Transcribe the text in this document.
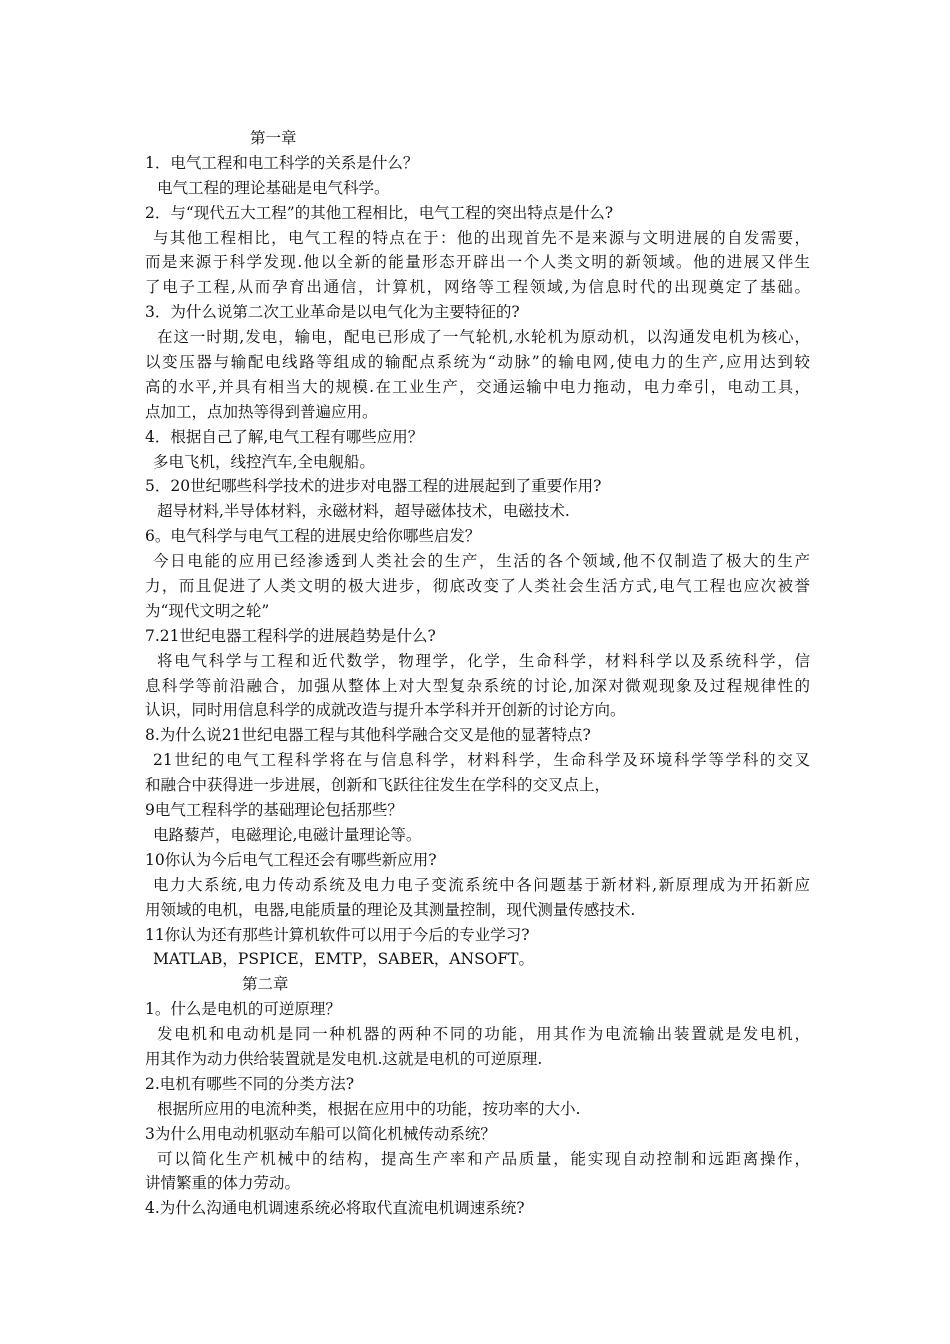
第一章
1．电气工程和电工科学的关系是什么？
电气工程的理论基础是电气科学。
2．与“现代五大工程”的其他工程相比，电气工程的突出特点是什么?
与其他工程相比，电气工程的特点在于：他的出现首先不是来源与文明进展的自发需要，
而是来源于科学发现.他以全新的能量形态开辟出一个人类文明的新领域。他的进展又伴生
了电子工程,从而孕育出通信，计算机，网络等工程领域,为信息时代的出现奠定了基础。
3．为什么说第二次工业革命是以电气化为主要特征的?
在这一时期,发电，输电，配电已形成了一气轮机,水轮机为原动机，以沟通发电机为核心，
以变压器与输配电线路等组成的输配点系统为“动脉”的输电网,使电力的生产,应用达到较
高的水平,并具有相当大的规模.在工业生产，交通运输中电力拖动，电力牵引，电动工具，
点加工，点加热等得到普遍应用。
4．根据自己了解,电气工程有哪些应用？
多电飞机，线控汽车,全电舰船。
5．20世纪哪些科学技术的进步对电器工程的进展起到了重要作用?
超导材料,半导体材料，永磁材料，超导磁体技术，电磁技术.
6。电气科学与电气工程的进展史给你哪些启发？
今日电能的应用已经渗透到人类社会的生产，生活的各个领域,他不仅制造了极大的生产
力，而且促进了人类文明的极大进步，彻底改变了人类社会生活方式,电气工程也应次被誉
为“现代文明之轮”
7.21世纪电器工程科学的进展趋势是什么?
将电气科学与工程和近代数学，物理学，化学，生命科学，材料科学以及系统科学，信
息科学等前沿融合，加强从整体上对大型复杂系统的讨论,加深对微观现象及过程规律性的
认识，同时用信息科学的成就改造与提升本学科并开创新的讨论方向。
8.为什么说21世纪电器工程与其他科学融合交叉是他的显著特点?
21世纪的电气工程科学将在与信息科学，材料科学，生命科学及环境科学等学科的交叉
和融合中获得进一步进展，创新和飞跃往往发生在学科的交叉点上，
9电气工程科学的基础理论包括那些？
电路藜芦，电磁理论,电磁计量理论等。
10你认为今后电气工程还会有哪些新应用?
电力大系统,电力传动系统及电力电子变流系统中各问题基于新材料,新原理成为开拓新应
用领域的电机，电器,电能质量的理论及其测量控制，现代测量传感技术.
11你认为还有那些计算机软件可以用于今后的专业学习?
MATLAB，PSPICE，EMTP，SABER，ANSOFT。
第二章
1。什么是电机的可逆原理？
发电机和电动机是同一种机器的两种不同的功能，用其作为电流输出装置就是发电机，
用其作为动力供给装置就是发电机.这就是电机的可逆原理.
2.电机有哪些不同的分类方法?
根据所应用的电流种类，根据在应用中的功能，按功率的大小.
3为什么用电动机驱动车船可以简化机械传动系统？
可以简化生产机械中的结构，提高生产率和产品质量，能实现自动控制和远距离操作，
讲情繁重的体力劳动。
4.为什么沟通电机调速系统必将取代直流电机调速系统?
